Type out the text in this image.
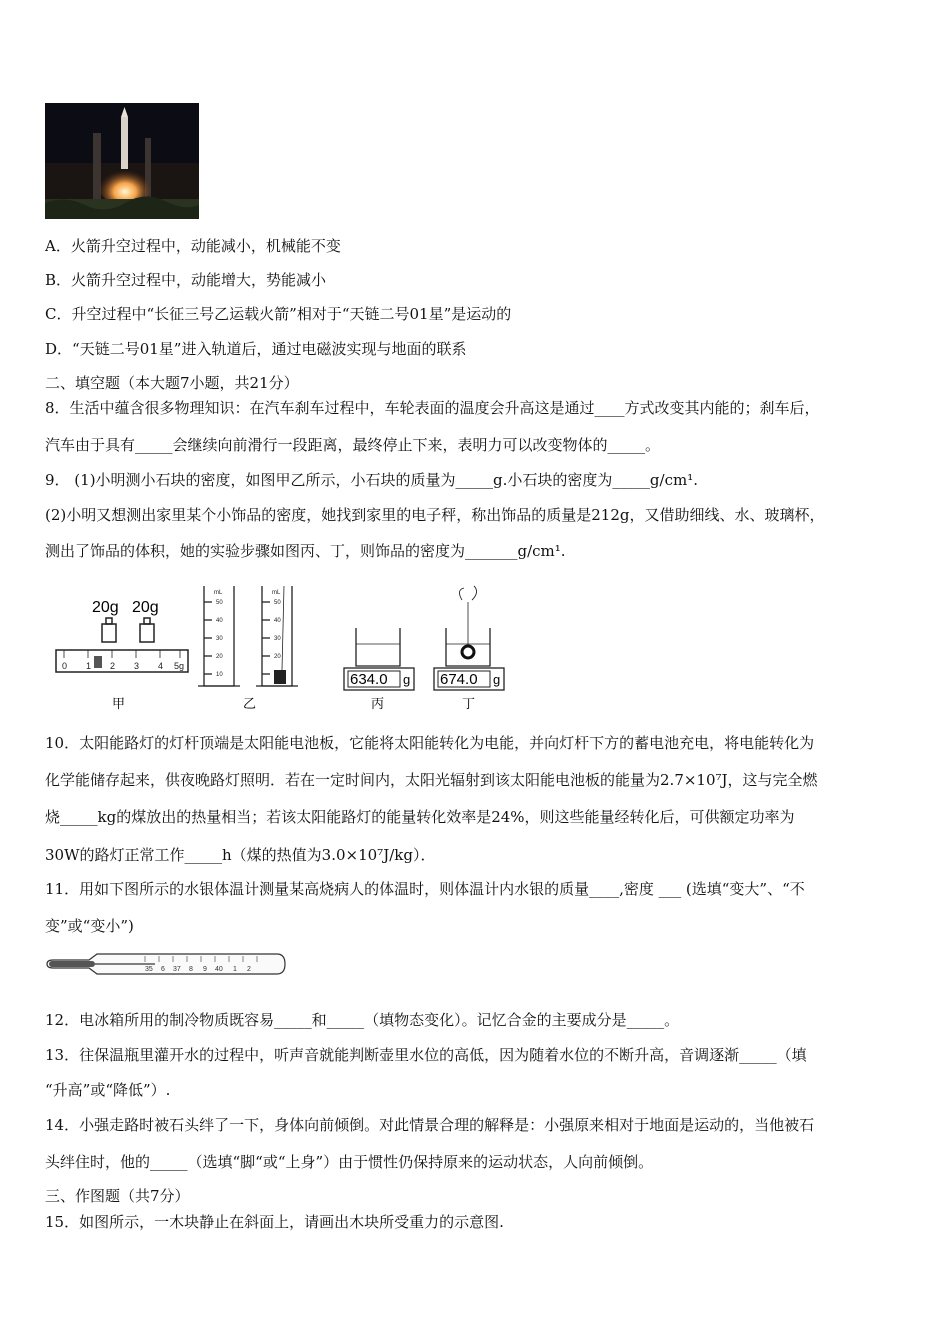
A．火箭升空过程中，动能减小，机械能不变
B．火箭升空过程中，动能增大，势能减小
C．升空过程中“长征三号乙运载火箭”相对于“天链二号01星”是运动的
D．“天链二号01星”进入轨道后，通过电磁波实现与地面的联系
二、填空题（本大题7小题，共21分）
8．生活中蕴含很多物理知识：在汽车刹车过程中，车轮表面的温度会升高这是通过____方式改变其内能的；刹车后，
汽车由于具有_____会继续向前滑行一段距离，最终停止下来，表明力可以改变物体的_____。
9． (1)小明测小石块的密度，如图甲乙所示，小石块的质量为_____g.小石块的密度为_____g/cm¹.
(2)小明又想测出家里某个小饰品的密度，她找到家里的电子秤，称出饰品的质量是212g，又借助细线、水、玻璃杯，
测出了饰品的体积，她的实验步骤如图丙、丁，则饰品的密度为_______g/cm¹.
20g 20g
0 1 2 3 4 5g
甲
mL
50
40
30
20
10
mL
50
40
30
20
10
乙
634.0 g
丙
674.0 g
丁
10．太阳能路灯的灯杆顶端是太阳能电池板，它能将太阳能转化为电能，并向灯杆下方的蓄电池充电，将电能转化为
化学能储存起来，供夜晚路灯照明．若在一定时间内，太阳光辐射到该太阳能电池板的能量为2.7×10⁷J，这与完全燃
烧_____kg的煤放出的热量相当；若该太阳能路灯的能量转化效率是24%，则这些能量经转化后，可供额定功率为
30W的路灯正常工作_____h（煤的热值为3.0×10⁷J/kg）．
11．用如下图所示的水银体温计测量某高烧病人的体温时，则体温计内水银的质量____,密度 ___ (选填“变大”、“不
变”或“变小”)
35 6 37 8 9 40 1 2
12．电冰箱所用的制冷物质既容易_____和_____（填物态变化）。记忆合金的主要成分是_____。
13．往保温瓶里灌开水的过程中，听声音就能判断壶里水位的高低，因为随着水位的不断升高，音调逐渐_____（填
“升高”或“降低”）.
14．小强走路时被石头绊了一下，身体向前倾倒。对此情景合理的解释是：小强原来相对于地面是运动的，当他被石
头绊住时，他的_____（选填“脚“或“上身”）由于惯性仍保持原来的运动状态，人向前倾倒。
三、作图题（共7分）
15．如图所示，一木块静止在斜面上，请画出木块所受重力的示意图.
